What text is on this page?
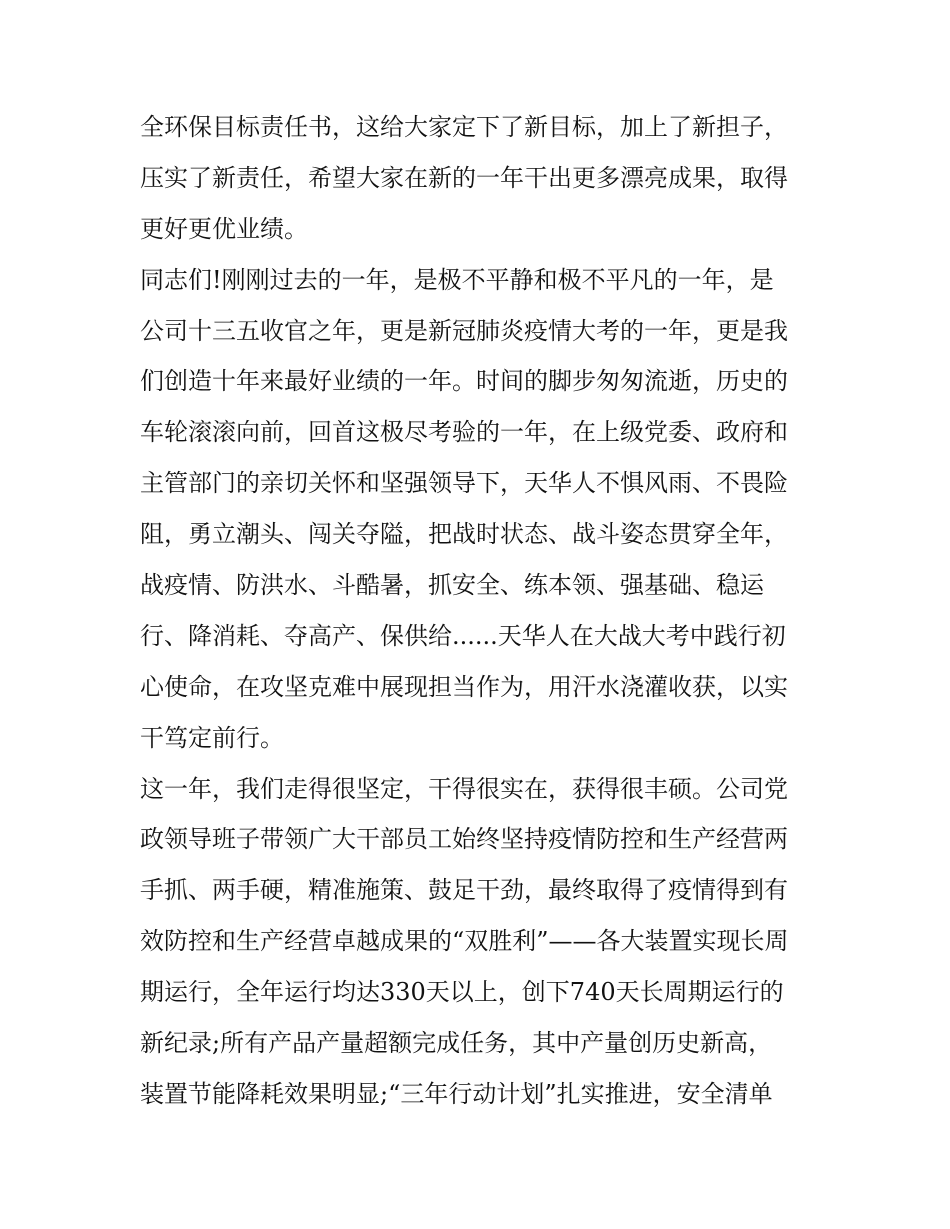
全环保目标责任书，这给大家定下了新目标，加上了新担子，
压实了新责任，希望大家在新的一年干出更多漂亮成果，取得
更好更优业绩。
同志们!刚刚过去的一年，是极不平静和极不平凡的一年，是
公司十三五收官之年，更是新冠肺炎疫情大考的一年，更是我
们创造十年来最好业绩的一年。时间的脚步匆匆流逝，历史的
车轮滚滚向前，回首这极尽考验的一年，在上级党委、政府和
主管部门的亲切关怀和坚强领导下，天华人不惧风雨、不畏险
阻，勇立潮头、闯关夺隘，把战时状态、战斗姿态贯穿全年，
战疫情、防洪水、斗酷暑，抓安全、练本领、强基础、稳运
行、降消耗、夺高产、保供给......天华人在大战大考中践行初
心使命，在攻坚克难中展现担当作为，用汗水浇灌收获，以实
干笃定前行。
这一年，我们走得很坚定，干得很实在，获得很丰硕。公司党
政领导班子带领广大干部员工始终坚持疫情防控和生产经营两
手抓、两手硬，精准施策、鼓足干劲，最终取得了疫情得到有
效防控和生产经营卓越成果的“双胜利”——各大装置实现长周
期运行，全年运行均达330天以上，创下740天长周期运行的
新纪录;所有产品产量超额完成任务，其中产量创历史新高，
装置节能降耗效果明显;“三年行动计划”扎实推进，安全清单
